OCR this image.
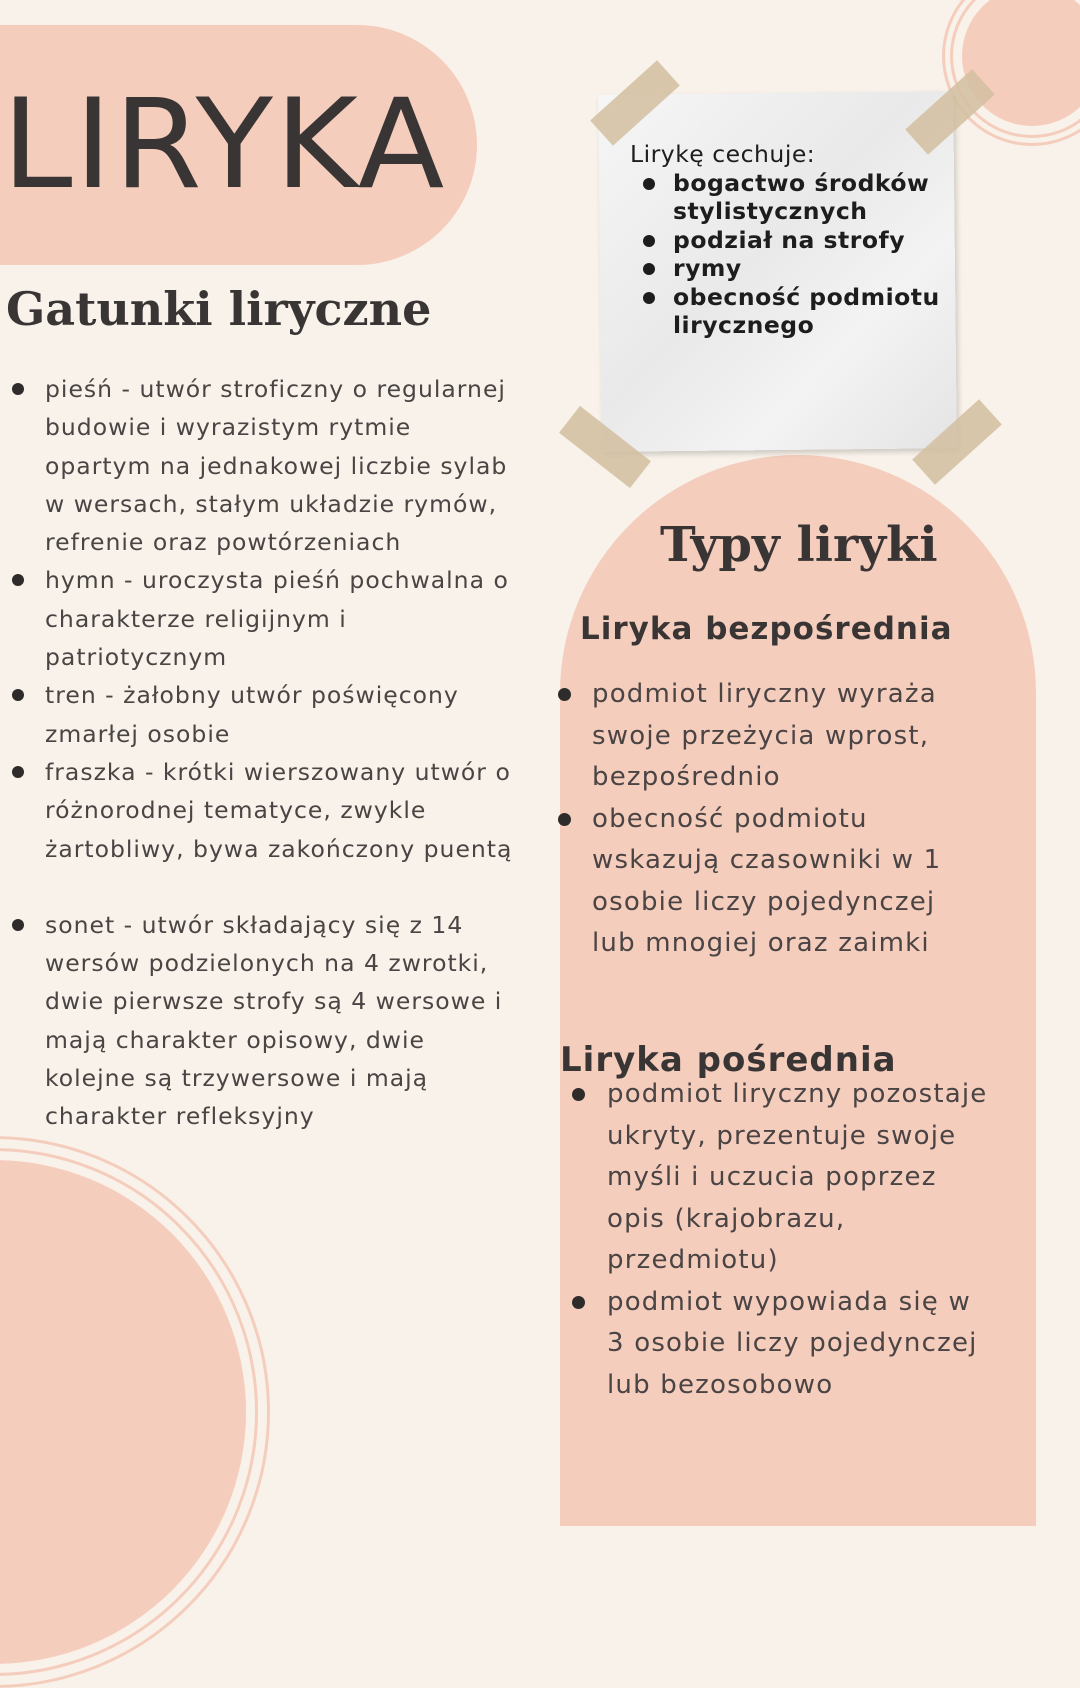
LIRYKA
Gatunki liryczne
pieśń - utwór stroficzny o regularnej budowie i wyrazistym rytmie opartym na jednakowej liczbie sylab w wersach, stałym układzie rymów, refrenie oraz powtórzeniach
hymn - uroczysta pieśń pochwalna o charakterze religijnym i patriotycznym
tren - żałobny utwór poświęcony zmarłej osobie
fraszka - krótki wierszowany utwór o różnorodnej tematyce, zwykle żartobliwy, bywa zakończony puentą
sonet - utwór składający się z 14 wersów podzielonych na 4 zwrotki, dwie pierwsze strofy są 4 wersowe i mają charakter opisowy, dwie kolejne są trzywersowe i mają charakter refleksyjny
Lirykę cechuje:
bogactwo środków stylistycznych
podział na strofy
rymy
obecność podmiotu lirycznego
Typy liryki
Liryka bezpośrednia
podmiot liryczny wyraża swoje przeżycia wprost, bezpośrednio
obecność podmiotu wskazują czasowniki w 1 osobie liczy pojedynczej lub mnogiej oraz zaimki
Liryka pośrednia
podmiot liryczny pozostaje ukryty, prezentuje swoje myśli i uczucia poprzez opis (krajobrazu, przedmiotu)
podmiot wypowiada się w 3 osobie liczy pojedynczej lub bezosobowo
